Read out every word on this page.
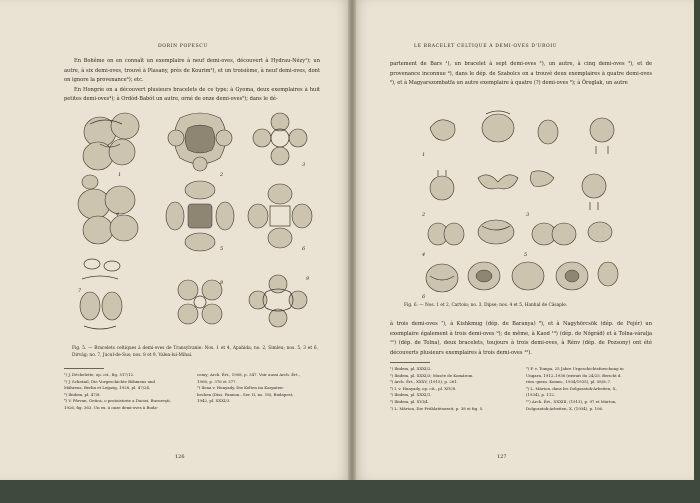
DORIN POPESCU

En Bohême on en connaît un exemplaire à neuf demi-oves, découvert à Hydrau-Nézy¹); un autre, à six demi-oves, trouvé à Plasany, près de Kourim²), et un troisième, à neuf demi-oves, dont on ignore la provenance³); etc.

En Hongrie on a découvert plusieurs bracelets de ce type; à Gyoma, deux exemplaires à huit petites demi-oves⁴); à Ordód-Babót un autre, orné de onze demi-oves⁵); dans le dé-

1	2
3
4
5	6
7
8
9
Fig. 5. — Bracelets celtiques à demi-oves de Transylvanie: Nos. 1 et 4, Apahida; no. 2, Simleu; nos. 5, 3 et 6, Dirvág; no. 7, Jucul-de-Sus; nos. 8 et 9, Valea-lui-Mihai.
¹) J. Déchelette, op. cit., fig. 517/12.	comy; Arch. Ért., 1908, p. 347. Voir aussi Arch. Ért.,
²) J. Schránil, Die Vorgeschichte Böhmens und	1908, p. 376 et 377.
Mährens, Berlin et Leipzig, 1928, pl. 47/24.	⁵) Ilona v. Hunyady, Die Kelten im Karpaten-
³) Ibidem, pl. 47/8.	becken (Diss. Pannon., Ser. II, no. 18), Budapest,
⁴) V. Pârvan, Getica, o protoistorie a Daciei, Bucureşti,	1942, pl. XXXI/3.
1926, fig. 363. Un ex. à onze demi-oves à Buda-
126
LE BRACELET CELTIQUE À DEMI-OVES D'UROIU

partement de Bars ¹), un bracelet à sept demi-oves ²), un autre, à cinq demi-oves ³), et de provenance inconnue ⁴), dans le dép. de Szabolcs on a trouvé deux exemplaires à quatre demi-oves ⁵), et à Magyarszombatfa un autre exemplaire à quatre (?) demi-oves ⁶); à Öreglak, un autre

1
2	3
4	5
6
Fig. 6. — Nos. 1 et 2, Cartoiu; no. 3, Dipse; nos. 4 et 5, Hanhal de Căsaple.

à trois demi-oves ⁷), à Kishkmug (dép. de Baranya) ⁸), et à Nagyhörcsök (dép. de Fejér) un exemplaire également à trois demi-oves ⁹); de même, à Kaod ¹⁰) (dép. de Nógrád) et à Tolna-váralja ¹¹) (dép. de Tolna), deux bracelets, toujours à trois demi-oves, à Rénv (dép. de Pozsony) ont été découverts plusieurs exemplaires à trois demi-oves ¹²).

¹) Ibidem, pl. XXXI/2.	⁸) F. v. Tompa, 25 Jahre Urgeschichtsforschung in
²) Ibidem, pl. XXXI/3; Musée de Komárom.	Ungarn, 1912–1936 (extrait du 24/25. Bericht d.
³) Arch. Ért., XXXV, (1915), p. 261.	röm.-germ. Komm., 1934/1935), pl. 58/8–7.
⁴) I. v. Hunyady, op. cit., pl. XIV/8.	⁹) L. Márton, dans les Dolgozatok-Arbeiten, X,
⁵) Ibidem, pl. XXXI/1.	(1934), p. 112.
⁶) Ibidem, pl. XVI/4.	¹⁰) Arch. Ért., XXXIII, (1913), p. 97 et Márton,
⁷) L. Márton, Die Frühlatènezeit, p. 38 et fig. 5.	Dolgozatok-Arbeiten, X, (1934), p. 106.
127
